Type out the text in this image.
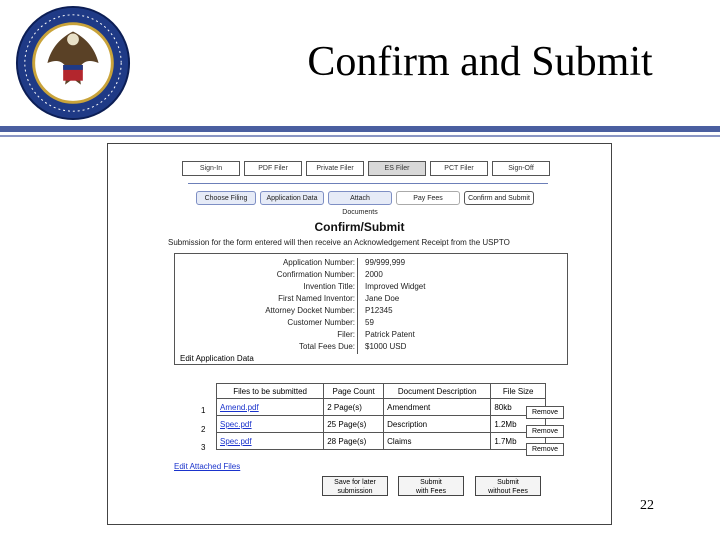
Confirm and Submit
Sign-In	PDF Filer	Private Filer	ES Filer	PCT Filer	Sign-Off
Choose Filing	Application Data	Attach Documents
Pay Fees	Confirm and Submit
Confirm/Submit
Submission for the form entered will then receive an Acknowledgement Receipt from the USPTO
Application Number: 99/999,999
Confirmation Number: 2000
Invention Title: Improved Widget
First Named Inventor: Jane Doe
Attorney Docket Number: P12345
Customer Number: 59
Filer: Patrick Patent
Total Fees Due: $1000 USD
Edit Application Data
Files to be submitted	Page Count	Document Description	File Size
Amend.pdf	2 Page(s)	Amendment	80kb
Spec.pdf	25 Page(s)	Description	1.2Mb
Spec.pdf	28 Page(s)	Claims	1.7Mb
1
2
3
Remove
Remove
Remove
Edit Attached Files
Save for later
submission
Submit
with Fees
Submit
without Fees
22
